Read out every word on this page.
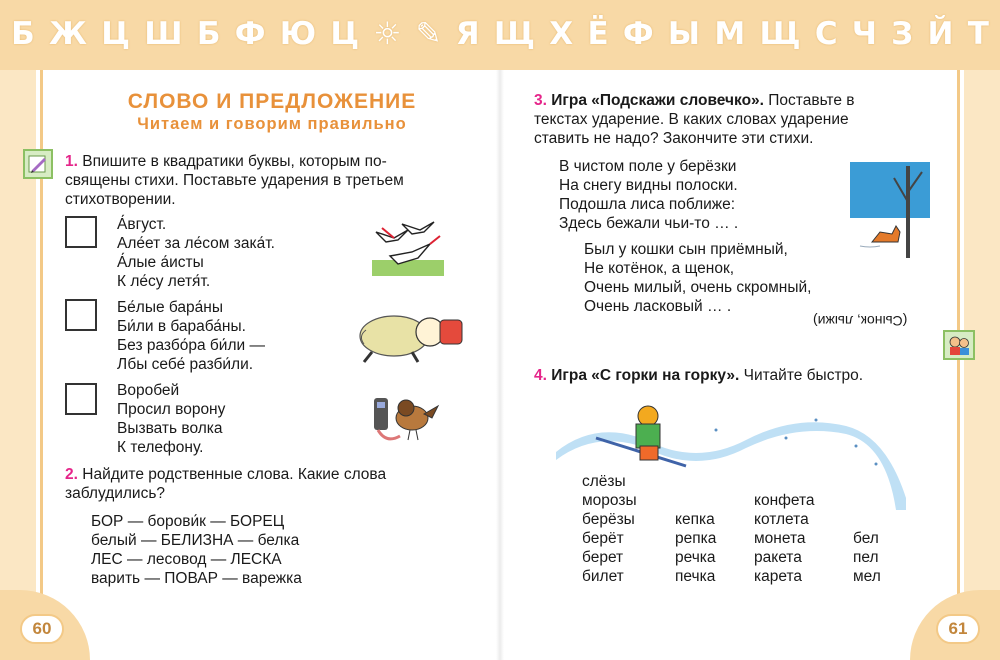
Б Ж Ц Ш Б Ф Ю Ц ☼ ✎ Я Щ Х Ё Ф Ы М Щ С Ч З Й Т
60	61
СЛОВО И ПРЕДЛОЖЕНИЕ
Читаем и говорим правильно
1. Впишите в квадратики буквы, которым по-
священы стихи. Поставьте ударения в третьем
стихотворении.
А́вгуст.
Але́ет за ле́сом зака́т.
А́лые а́исты
К ле́су летя́т.
Бе́лые бара́ны
Би́ли в бараба́ны.
Без разбо́ра би́ли —
Лбы себе́ разби́ли.
Воробей
Просил ворону
Вызвать волка
К телефону.
2. Найдите родственные слова. Какие слова
заблудились?
БОР — борови́к — БОРЕЦ
белый — БЕЛИЗНА — белка
ЛЕС — лесовод — ЛЕСКА
варить — ПОВАР — варежка
3. Игра «Подскажи словечко». Поставьте в
текстах ударение. В каких словах ударение
ставить не надо? Закончите эти стихи.
В чистом поле у берёзки
На снегу видны полоски.
Подошла лиса поближе:
Здесь бежали чьи-то … .
Был у кошки сын приёмный,
Не котёнок, а щенок,
Очень милый, очень скромный,
Очень ласковый … .
(Сынок, лыжи)
4. Игра «С горки на горку». Читайте быстро.
слёзы
морозы
берёзы
берёт
берет
билет
кепка
репка
речка
печка
конфета
котлета
монета
ракета
карета
бел
пел
мел
